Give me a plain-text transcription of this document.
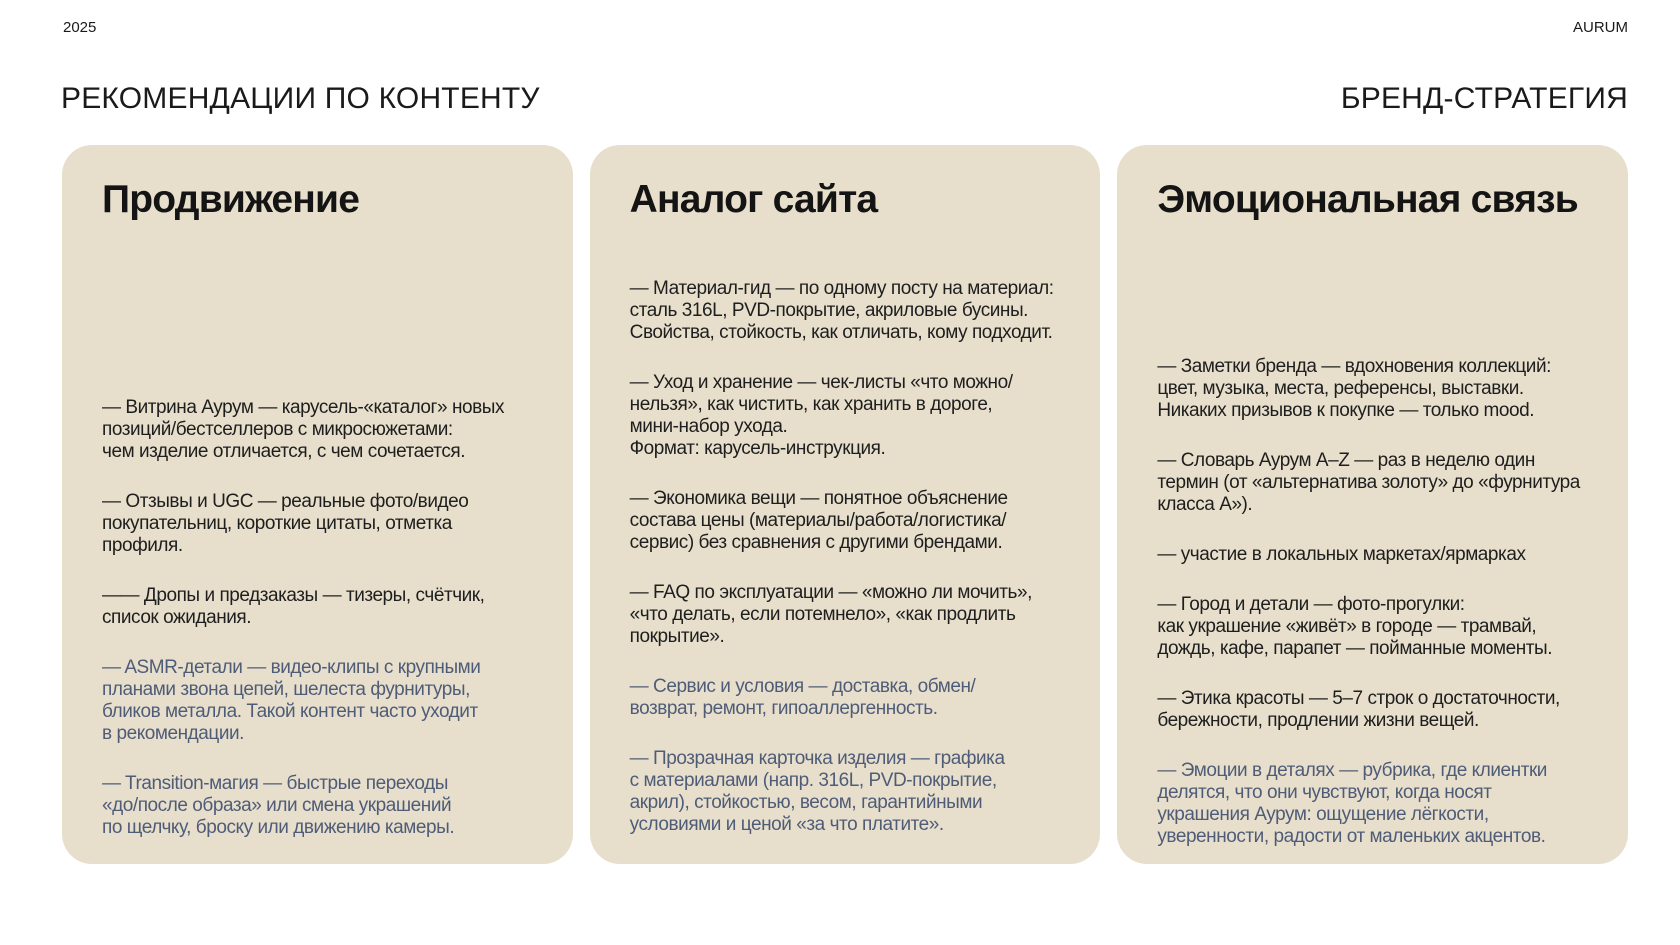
2025	AURUM
РЕКОМЕНДАЦИИ ПО КОНТЕНТУ	БРЕНД-СТРАТЕГИЯ
Продвижение

— Витрина Аурум — карусель-«каталог» новых
позиций/бестселлеров с микросюжетами:
чем изделие отличается, с чем сочетается.

— Отзывы и UGC — реальные фото/видео
покупательниц, короткие цитаты, отметка
профиля.

—— Дропы и предзаказы — тизеры, счётчик,
список ожидания.

— ASMR-детали — видео-клипы с крупными
планами звона цепей, шелеста фурнитуры,
бликов металла. Такой контент часто уходит
в рекомендации.

— Transition-магия — быстрые переходы
«до/после образа» или смена украшений
по щелчку, броску или движению камеры.

Аналог сайта

— Материал-гид — по одному посту на материал:
сталь 316L, PVD-покрытие, акриловые бусины.
Свойства, стойкость, как отличать, кому подходит.

— Уход и хранение — чек-листы «что можно/
нельзя», как чистить, как хранить в дороге,
мини-набор ухода.
Формат: карусель-инструкция.

— Экономика вещи — понятное объяснение
состава цены (материалы/работа/логистика/
сервис) без сравнения с другими брендами.

— FAQ по эксплуатации — «можно ли мочить»,
«что делать, если потемнело», «как продлить
покрытие».

— Сервис и условия — доставка, обмен/
возврат, ремонт, гипоаллергенность.

— Прозрачная карточка изделия — графика
с материалами (напр. 316L, PVD-покрытие,
акрил), стойкостью, весом, гарантийными
условиями и ценой «за что платите».

Эмоциональная связь

— Заметки бренда — вдохновения коллекций:
цвет, музыка, места, референсы, выставки.
Никаких призывов к покупке — только mood.

— Словарь Аурум A–Z — раз в неделю один
термин (от «альтернатива золоту» до «фурнитура
класса А»).

— участие в локальных маркетах/ярмарках

— Город и детали — фото-прогулки:
как украшение «живёт» в городе — трамвай,
дождь, кафе, парапет — пойманные моменты.

— Этика красоты — 5–7 строк о достаточности,
бережности, продлении жизни вещей.

— Эмоции в деталях — рубрика, где клиентки
делятся, что они чувствуют, когда носят
украшения Аурум: ощущение лёгкости,
уверенности, радости от маленьких акцентов.
